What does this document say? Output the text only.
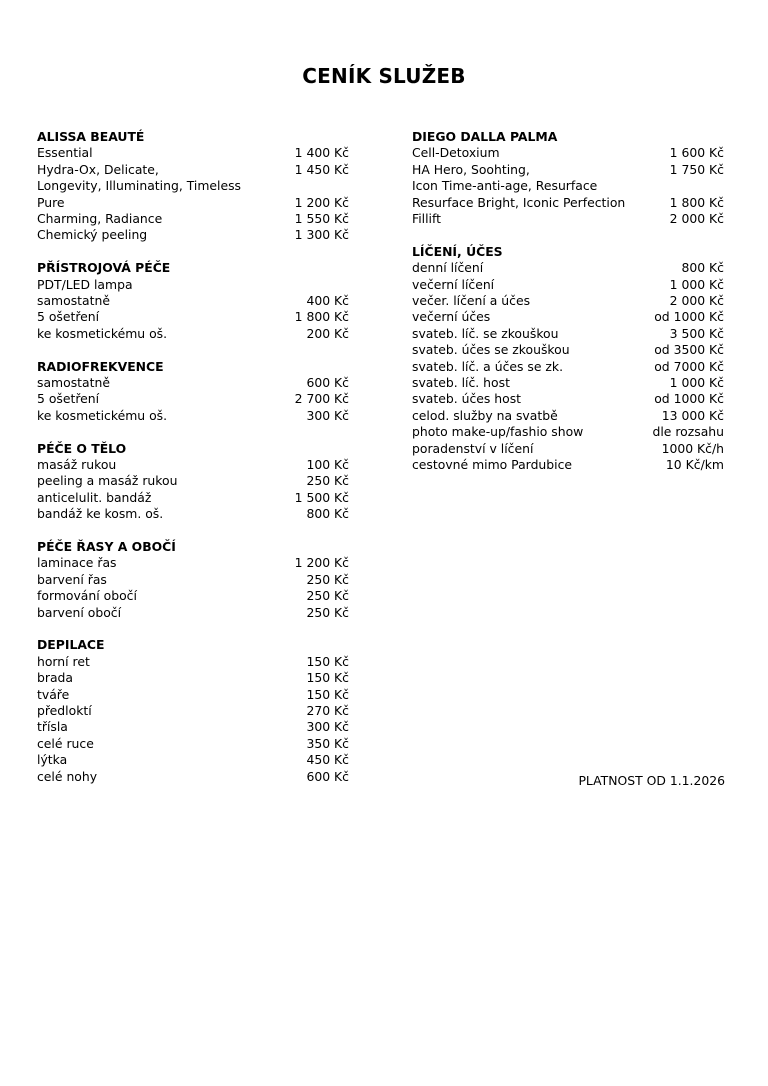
CENÍK SLUŽEB
ALISSA BEAUTÉ
Essential	1 400 Kč
Hydra-Ox, Delicate,	1 450 Kč
Longevity, Illuminating, Timeless
Pure	1 200 Kč
Charming, Radiance	1 550 Kč
Chemický peeling	1 300 Kč
PŘÍSTROJOVÁ PÉČE
PDT/LED lampa
samostatně	400 Kč
5 ošetření	1 800 Kč
ke kosmetickému oš.	200 Kč
RADIOFREKVENCE
samostatně	600 Kč
5 ošetření	2 700 Kč
ke kosmetickému oš.	300 Kč
PÉČE O TĚLO
masáž rukou	100 Kč
peeling a masáž rukou	250 Kč
anticelulit. bandáž	1 500 Kč
bandáž ke kosm. oš.	800 Kč
PÉČE ŘASY A OBOČÍ
laminace řas	1 200 Kč
barvení řas	250 Kč
formování obočí	250 Kč
barvení obočí	250 Kč
DEPILACE
horní ret	150 Kč
brada	150 Kč
tváře	150 Kč
předloktí	270 Kč
třísla	300 Kč
celé ruce	350 Kč
lýtka	450 Kč
celé nohy	600 Kč
DIEGO DALLA PALMA
Cell-Detoxium	1 600 Kč
HA Hero, Soohting,	1 750 Kč
Icon Time-anti-age, Resurface
Resurface Bright, Iconic Perfection	1 800 Kč
Fillift	2 000 Kč
LÍČENÍ, ÚČES
denní líčení	800 Kč
večerní líčení	1 000 Kč
večer. líčení a účes	2 000 Kč
večerní účes	od 1000 Kč
svateb. líč. se zkouškou	3 500 Kč
svateb. účes se zkouškou	od 3500 Kč
svateb. líč. a účes se zk.	od 7000 Kč
svateb. líč. host	1 000 Kč
svateb. účes host	od 1000 Kč
celod. služby na svatbě	13 000 Kč
photo make-up/fashio show	dle rozsahu
poradenství v líčení	1000 Kč/h
cestovné mimo Pardubice	10 Kč/km
PLATNOST OD 1.1.2026
